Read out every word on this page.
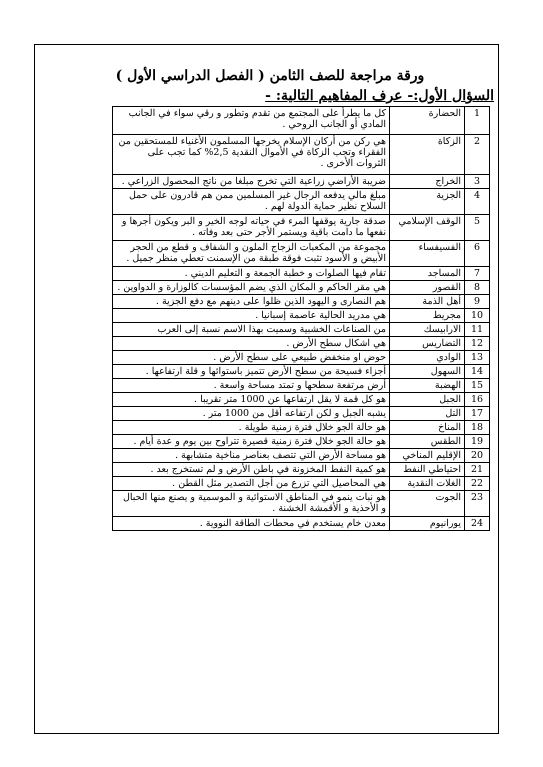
ورقة مراجعة للصف الثامن ( الفصل الدراسي الأول )
السؤال الأول:- عرف المفاهيم التالية: -
1	الحضارة	كل ما يطرأ على المجتمع من تقدم وتطور و رقي سواء في الجانب المادي أو الجانب الروحي .
2	الزكاة	هي ركن من أركان الإسلام يخرجها المسلمون الأغنياء للمستحقين من الفقراء وتجب الزكاة في الأموال النقدية 2,5% كما تجب على الثروات الأخرى .
3	الخراج	ضريبة الأراضي زراعية التي تخرج مبلغا من ناتج المحصول الزراعي .
4	الجزية	مبلغ مالي يدفعه الرجال غير المسلمين ممن هم قادرون على حمل السلاح نظير حماية الدولة لهم .
5	الوقف الإسلامي	صدقة جارية يوقفها المرء في حياته لوجه الخير و البر ويكون أجرها و نفعها ما دامت باقية ويستمر الأجر حتى بعد وفاته .
6	الفسيفساء	مجموعة من المكعبات الزجاج الملون و الشفاف و قطع من الحجر الأبيض و الأسود تثبت فوقة طبقة من الإسمنت تعطي منظر جميل .
7	المساجد	تقام فيها الصلوات و خطبة الجمعة و التعليم الديني .
8	القصور	هي مقر الحاكم و المكان الذي يضم المؤسسات كالوزارة و الدواوين .
9	أهل الذمة	هم النصارى و اليهود الذين ظلوا على دينهم مع دفع الجزية .
10	مجريط	هي مدريد الحالية عاصمة إسبانيا .
11	الارابيسك	من الصناعات الخشبية وسميت بهذا الاسم نسبة إلى العرب
12	التضاريس	هي اشكال سطح الأرض .
13	الوادي	حوض او منخفض طبيعي على سطح الأرض .
14	السهول	أجزاء فسيحة من سطح الأرض تتميز باستوائها و قلة ارتفاعها .
15	الهضبة	أرض مرتفعة سطحها و تمتد مساحة واسعة .
16	الجبل	هو كل قمة لا يقل ارتفاعها عن 1000 متر تقريبا .
17	التل	يشبه الجبل و لكن ارتفاعه أقل من 1000 متر .
18	المناخ	هو حالة الجو خلال فترة زمنية طويلة .
19	الطقس	هو حالة الجو خلال فترة زمنية قصيرة تتراوح بين يوم و عدة أيام .
20	الإقليم المناخي	هو مساحة الأرض التي تتصف بعناصر مناخية متشابهة .
21	احتياطي النفط	هو كمية النفط المخزونة في باطن الأرض و لم تستخرج بعد .
22	الغلات النقدية	هي المحاصيل التي تزرع من أجل التصدير مثل القطن .
23	الجوت	هو نبات ينمو في المناطق الاستوائية و الموسمية و يصنع منها الحبال و الأحذية و الأقمشة الخشنة .
24	يورانيوم	معدن خام يستخدم في محطات الطاقة النووية .
